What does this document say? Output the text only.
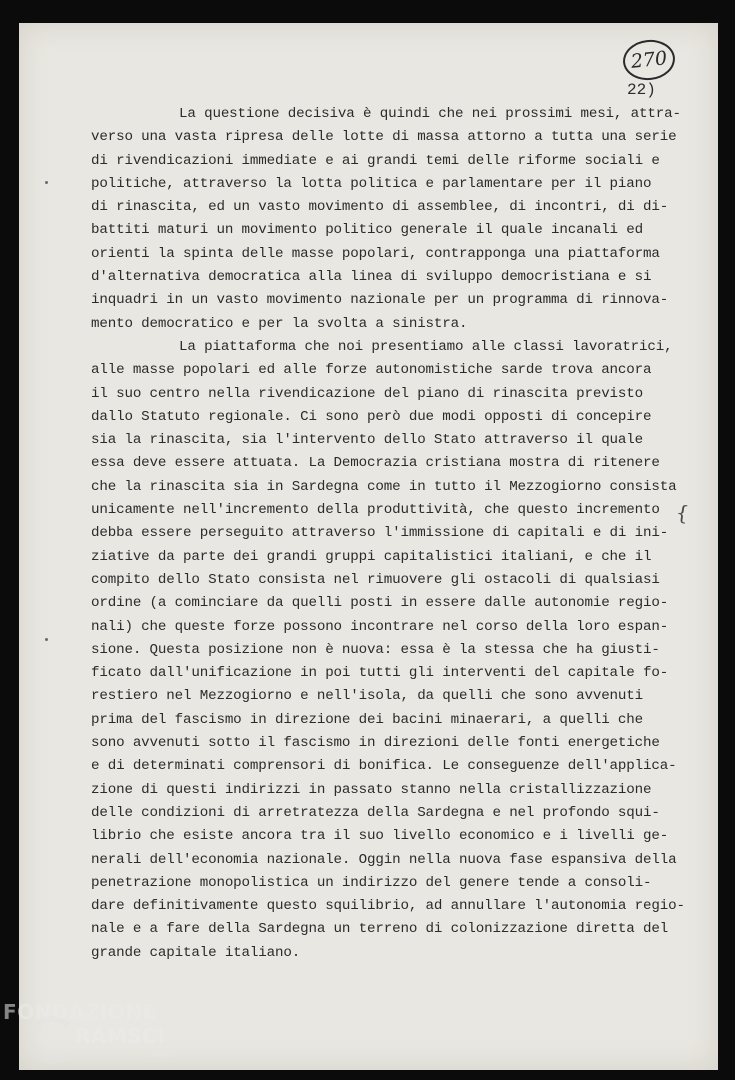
270
22)
{
La questione decisiva è quindi che nei prossimi mesi, attra-
verso una vasta ripresa delle lotte di massa attorno a tutta una serie
di rivendicazioni immediate e ai grandi temi delle riforme sociali e
politiche, attraverso la lotta politica e parlamentare per il piano
di rinascita, ed un vasto movimento di assemblee, di incontri, di di-
battiti maturi un movimento politico generale il quale incanali ed
orienti la spinta delle masse popolari, contrapponga una piattaforma
d'alternativa democratica alla linea di sviluppo democristiana e si
inquadri in un vasto movimento nazionale per un programma di rinnova-
mento democratico e per la svolta a sinistra.
La piattaforma che noi presentiamo alle classi lavoratrici,
alle masse popolari ed alle forze autonomistiche sarde trova ancora
il suo centro nella rivendicazione del piano di rinascita previsto
dallo Statuto regionale. Ci sono però due modi opposti di concepire
sia la rinascita, sia l'intervento dello Stato attraverso il quale
essa deve essere attuata. La Democrazia cristiana mostra di ritenere
che la rinascita sia in Sardegna come in tutto il Mezzogiorno consista
unicamente nell'incremento della produttività, che questo incremento
debba essere perseguito attraverso l'immissione di capitali e di ini-
ziative da parte dei grandi gruppi capitalistici italiani, e che il
compito dello Stato consista nel rimuovere gli ostacoli di qualsiasi
ordine (a cominciare da quelli posti in essere dalle autonomie regio-
nali) che queste forze possono incontrare nel corso della loro espan-
sione. Questa posizione non è nuova: essa è la stessa che ha giusti-
ficato dall'unificazione in poi tutti gli interventi del capitale fo-
restiero nel Mezzogiorno e nell'isola, da quelli che sono avvenuti
prima del fascismo in direzione dei bacini minaerari, a quelli che
sono avvenuti sotto il fascismo in direzioni delle fonti energetiche
e di determinati comprensori di bonifica. Le conseguenze dell'applica-
zione di questi indirizzi in passato stanno nella cristallizzazione
delle condizioni di arretratezza della Sardegna e nel profondo squi-
librio che esiste ancora tra il suo livello economico e i livelli ge-
nerali dell'economia nazionale. Oggin nella nuova fase espansiva della
penetrazione monopolistica un indirizzo del genere tende a consoli-
dare definitivamente questo squilibrio, ad annullare l'autonomia regio-
nale e a fare della Sardegna un terreno di colonizzazione diretta del
grande capitale italiano.
FONDAZIONE
RAMSCI
onlus
